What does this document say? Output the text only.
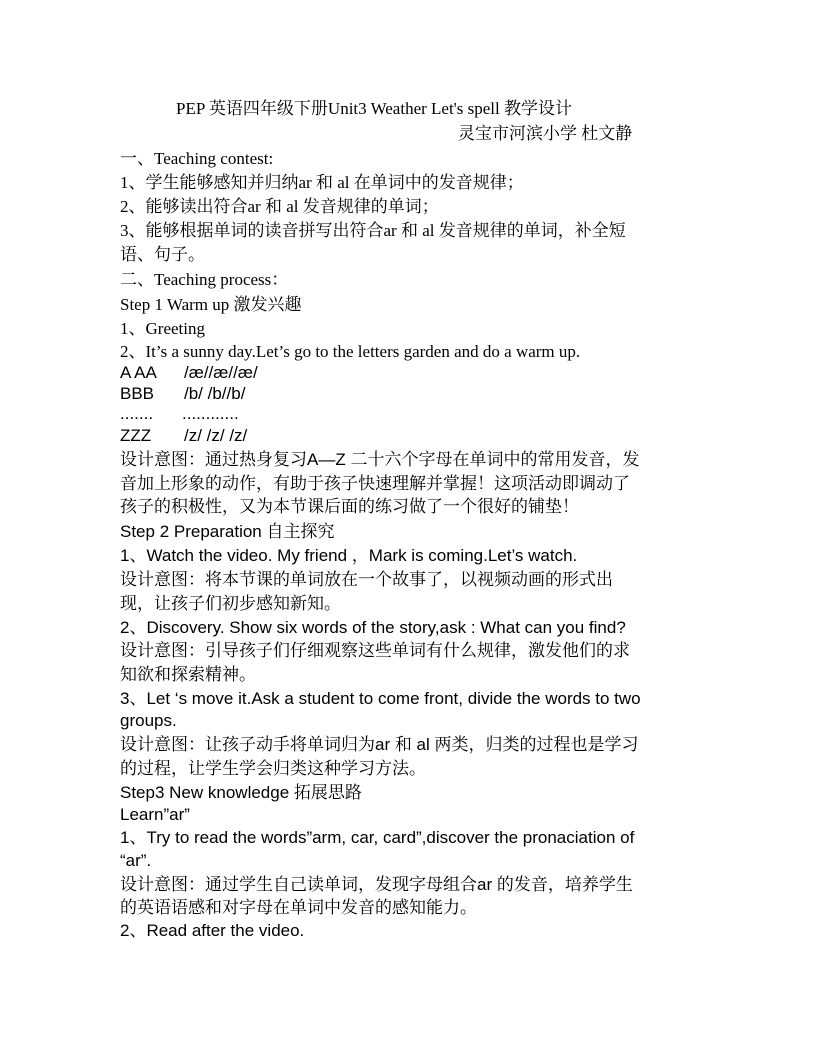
PEP 英语四年级下册Unit3 Weather Let's spell 教学设计
灵宝市河滨小学 杜文静
一、Teaching contest:
1、学生能够感知并归纳ar 和 al 在单词中的发音规律；
2、能够读出符合ar 和 al 发音规律的单词；
3、能够根据单词的读音拼写出符合ar 和 al 发音规律的单词，补全短
语、句子。
二、Teaching process：
Step 1 Warm up 激发兴趣
1、Greeting
2、It’s a sunny day.Let’s go to the letters garden and do a warm up.
A AA /æ//æ//æ/
BBB /b/ /b//b/
....... ............
ZZZ /z/ /z/ /z/
设计意图：通过热身复习A—Z 二十六个字母在单词中的常用发音，发
音加上形象的动作，有助于孩子快速理解并掌握！这项活动即调动了
孩子的积极性，又为本节课后面的练习做了一个很好的铺垫！
Step 2 Preparation 自主探究
1、Watch the video. My friend ，Mark is coming.Let’s watch.
设计意图：将本节课的单词放在一个故事了，以视频动画的形式出
现，让孩子们初步感知新知。
2、Discovery. Show six words of the story,ask : What can you find?
设计意图：引导孩子们仔细观察这些单词有什么规律，激发他们的求
知欲和探索精神。
3、Let ‘s move it.Ask a student to come front, divide the words to two
groups.
设计意图：让孩子动手将单词归为ar 和 al 两类，归类的过程也是学习
的过程，让学生学会归类这种学习方法。
Step3 New knowledge 拓展思路
Learn”ar”
1、Try to read the words”arm, car, card”,discover the pronaciation of
“ar”.
设计意图：通过学生自己读单词，发现字母组合ar 的发音，培养学生
的英语语感和对字母在单词中发音的感知能力。
2、Read after the video.
